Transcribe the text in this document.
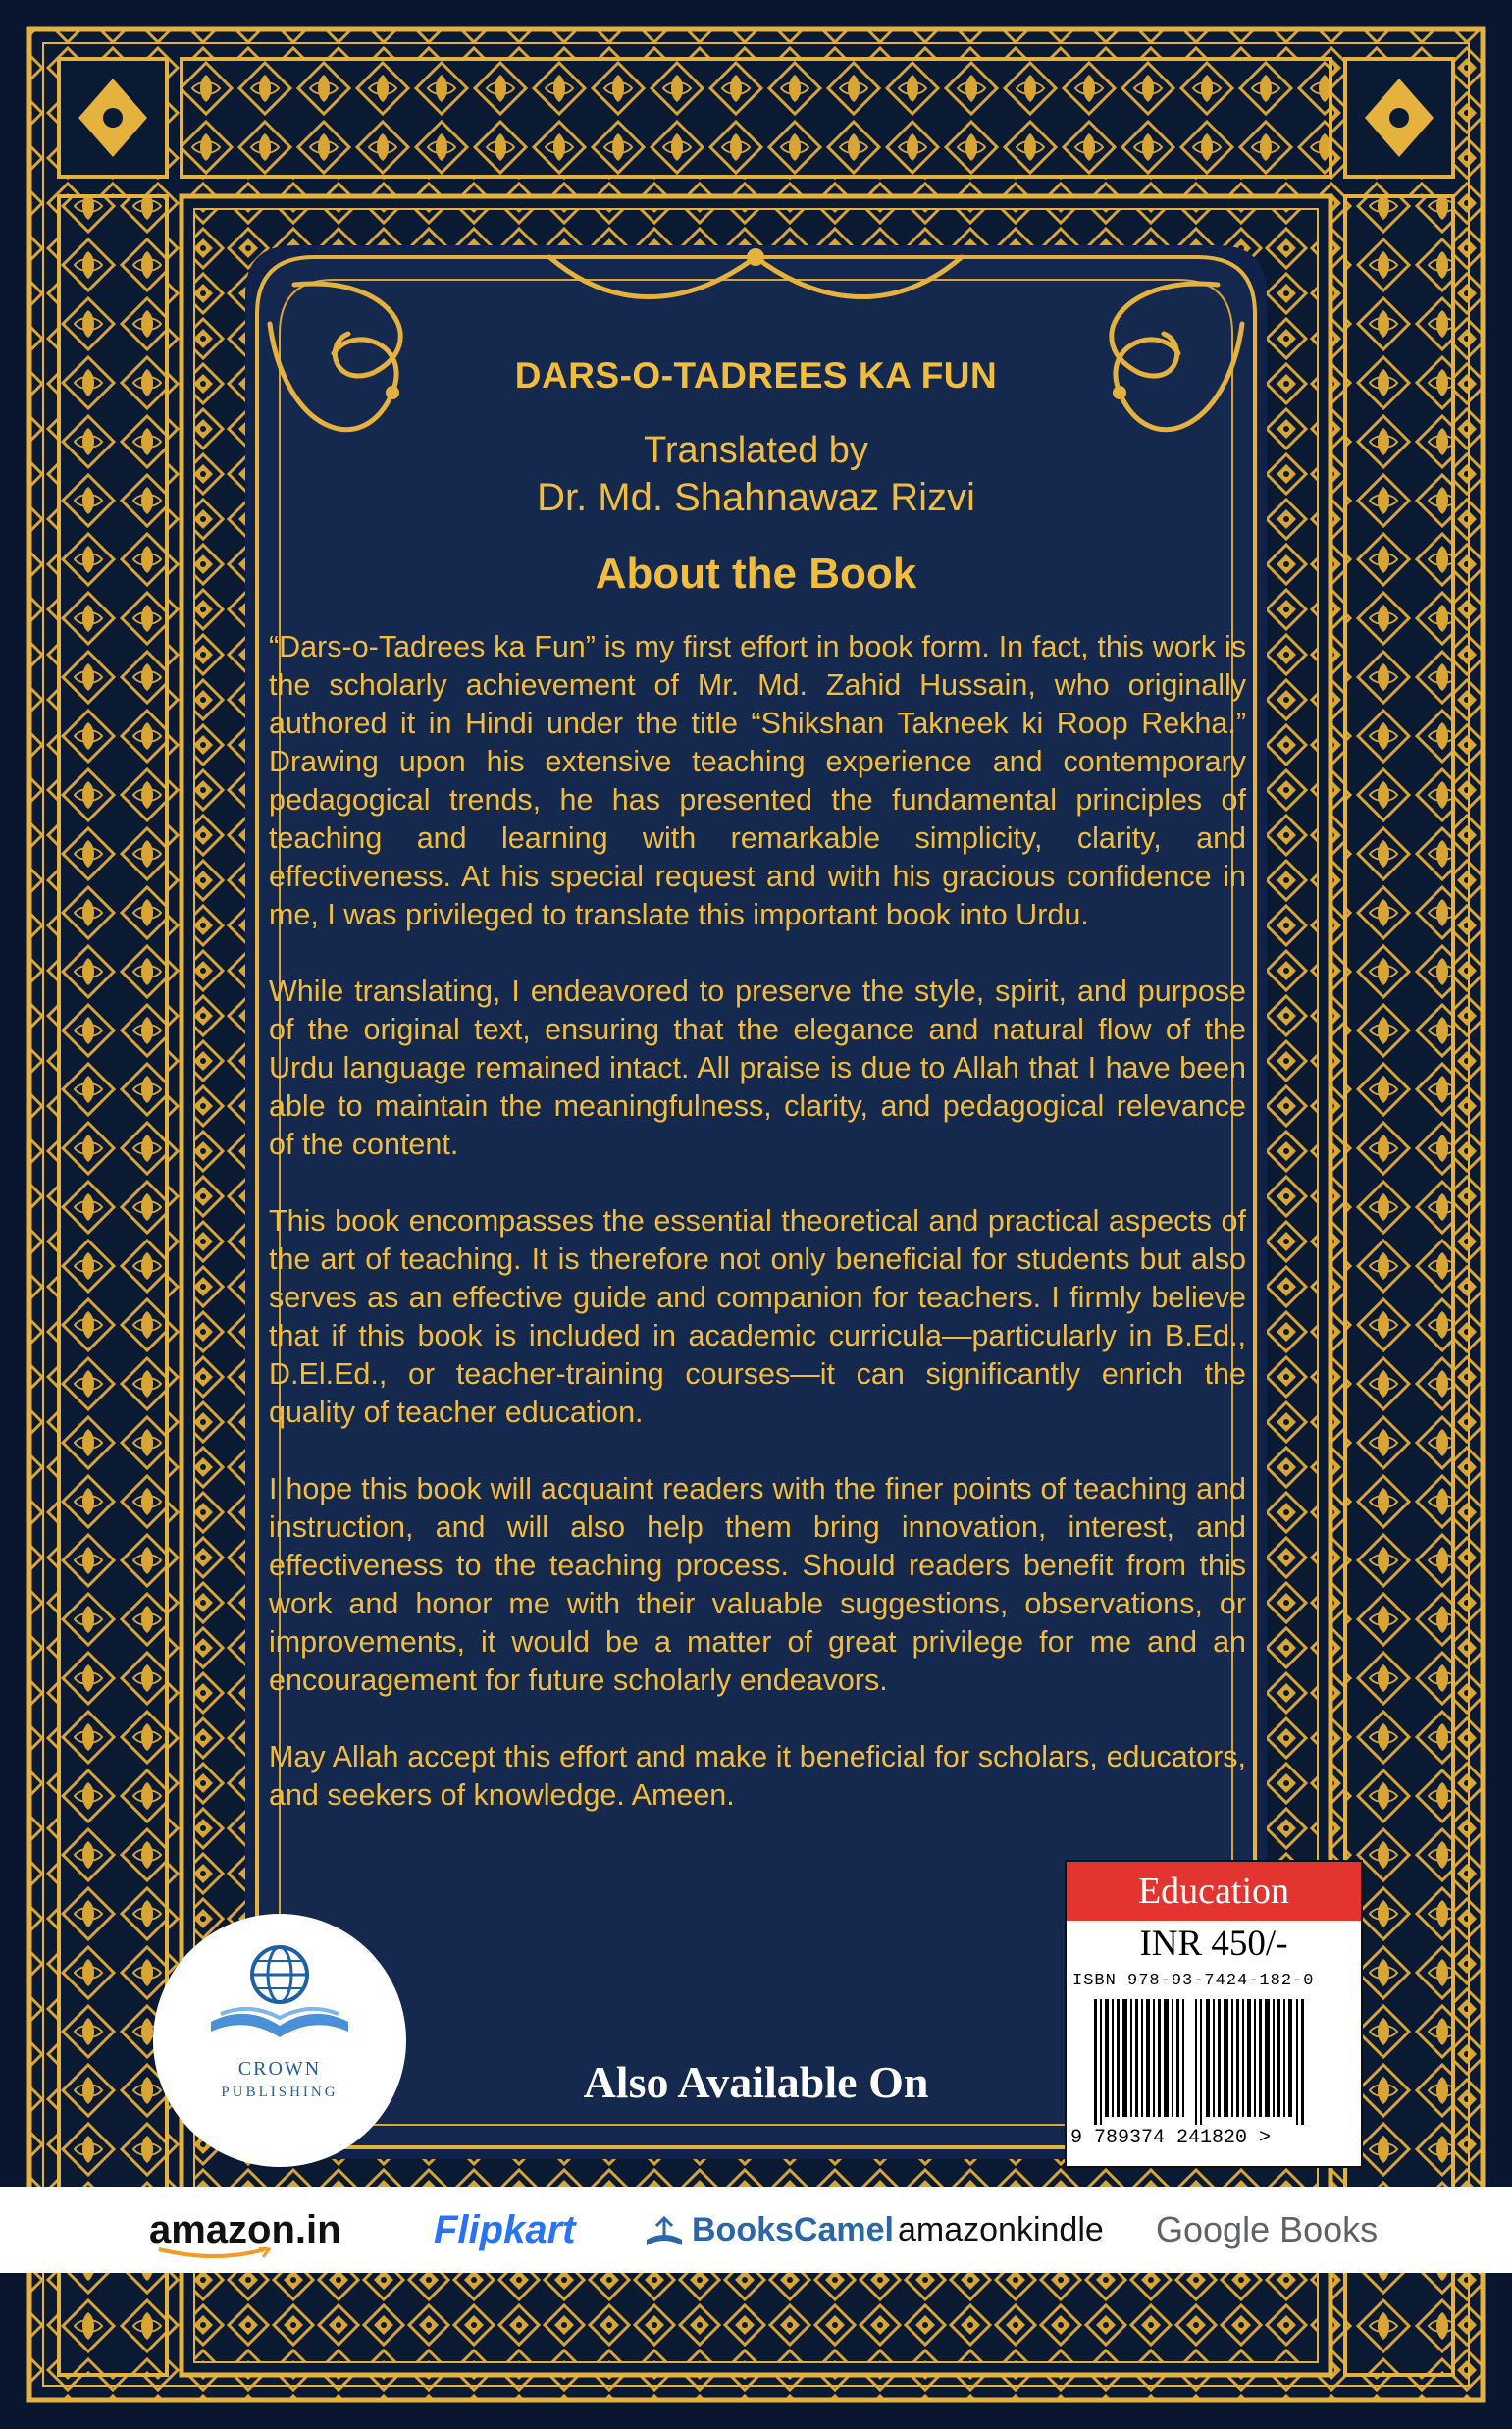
DARS-O-TADREES KA FUN
Translated by
Dr. Md. Shahnawaz Rizvi
About the Book

“Dars-o-Tadrees ka Fun” is my first effort in book form. In fact, this work is the scholarly achievement of Mr. Md. Zahid Hussain, who originally authored it in Hindi under the title “Shikshan Takneek ki Roop Rekha.” Drawing upon his extensive teaching experience and contemporary pedagogical trends, he has presented the fundamental principles of teaching and learning with remarkable simplicity, clarity, and effectiveness. At his special request and with his gracious confidence in me, I was privileged to translate this important book into Urdu.

While translating, I endeavored to preserve the style, spirit, and purpose of the original text, ensuring that the elegance and natural flow of the Urdu language remained intact. All praise is due to Allah that I have been able to maintain the meaningfulness, clarity, and pedagogical relevance of the content.

This book encompasses the essential theoretical and practical aspects of the art of teaching. It is therefore not only beneficial for students but also serves as an effective guide and companion for teachers. I firmly believe that if this book is included in academic curricula—particularly in B.Ed., D.El.Ed., or teacher-training courses—it can significantly enrich the quality of teacher education.

I hope this book will acquaint readers with the finer points of teaching and instruction, and will also help them bring innovation, interest, and effectiveness to the teaching process. Should readers benefit from this work and honor me with their valuable suggestions, observations, or improvements, it would be a matter of great privilege for me and an encouragement for future scholarly endeavors.

May Allah accept this effort and make it beneficial for scholars, educators, and seekers of knowledge. Ameen.

CROWN
PUBLISHING	Also Available On
Education
INR 450/-
ISBN 978-93-7424-182-0
9 789374 241820 >
amazon.in Flipkart	BooksCamel amazonkindle Google Books
